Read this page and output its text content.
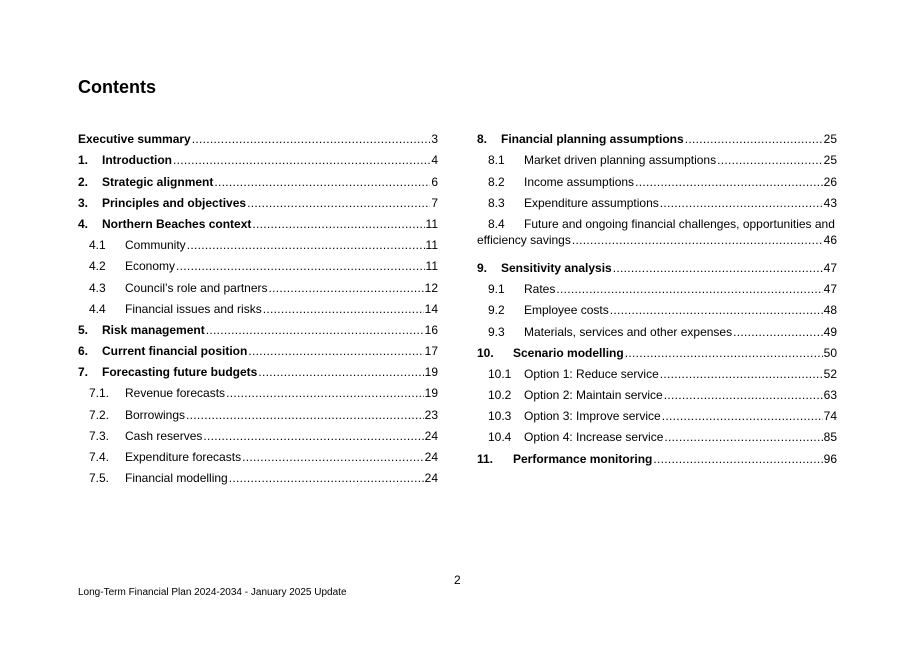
Contents
Executive summary .....	3
1.	Introduction .....	4
2.	Strategic alignment .....	6
3.	Principles and objectives .....	7
4.	Northern Beaches context .....	11
4.1	Community .....	11
4.2	Economy .....	11
4.3	Council’s role and partners .....	12
4.4	Financial issues and risks .....	14
5.	Risk management .....	16
6.	Current financial position .....	17
7.	Forecasting future budgets .....	19
7.1.	Revenue forecasts .....	19
7.2.	Borrowings .....	23
7.3.	Cash reserves .....	24
7.4.	Expenditure forecasts .....	24
7.5.	Financial modelling .....	24
8.	Financial planning assumptions .....	25
8.1	Market driven planning assumptions .....	25
8.2	Income assumptions .....	26
8.3	Expenditure assumptions .....	43
8.4	Future and ongoing financial challenges, opportunities and
efficiency savings .....	46
9.	Sensitivity analysis .....	47
9.1	Rates .....	47
9.2	Employee costs .....	48
9.3	Materials, services and other expenses .....	49
10.	Scenario modelling .....	50
10.1	Option 1: Reduce service .....	52
10.2	Option 2: Maintain service .....	63
10.3	Option 3: Improve service .....	74
10.4	Option 4: Increase service .....	85
11.	Performance monitoring .....	96
2
Long-Term Financial Plan 2024-2034 - January 2025 Update
